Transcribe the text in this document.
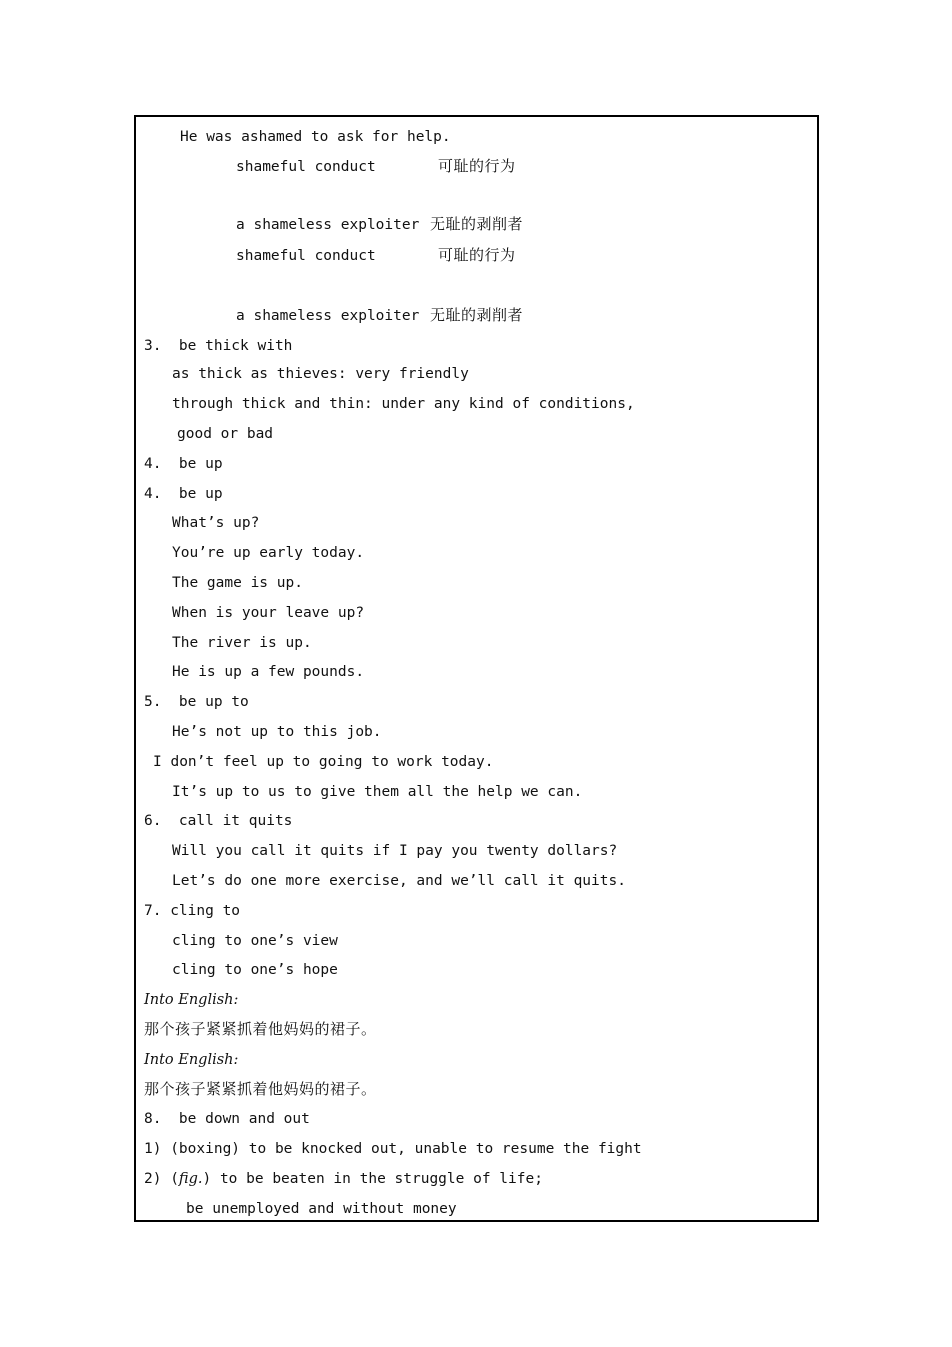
He was ashamed to ask for help.
shameful conduct	可耻的行为
a shameless exploiter 无耻的剥削者
shameful conduct	可耻的行为
a shameless exploiter 无耻的剥削者
3.  be thick with
as thick as thieves: very friendly
through thick and thin: under any kind of conditions,
good or bad
4.  be up
4.  be up
What’s up?
You’re up early today.
The game is up.
When is your leave up?
The river is up.
He is up a few pounds.
5.  be up to
He’s not up to this job.
I don’t feel up to going to work today.
It’s up to us to give them all the help we can.
6.  call it quits
Will you call it quits if I pay you twenty dollars?
Let’s do one more exercise, and we’ll call it quits.
7. cling to
cling to one’s view
cling to one’s hope
Into English:
那个孩子紧紧抓着他妈妈的裙子。
Into English:
那个孩子紧紧抓着他妈妈的裙子。
8.  be down and out
1) (boxing) to be knocked out, unable to resume the fight
2) (fig.) to be beaten in the struggle of life;
be unemployed and without money
